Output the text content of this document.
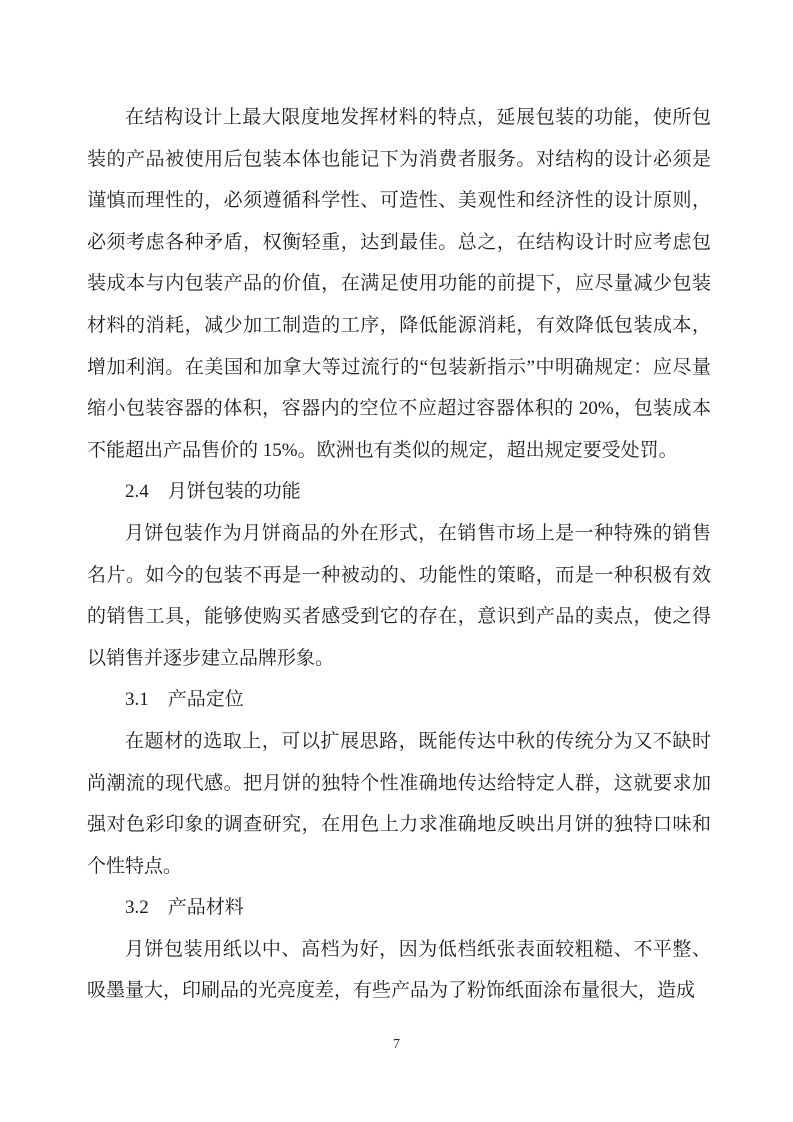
在结构设计上最大限度地发挥材料的特点，延展包装的功能，使所包装的产品被使用后包装本体也能记下为消费者服务。对结构的设计必须是谨慎而理性的，必须遵循科学性、可造性、美观性和经济性的设计原则，必须考虑各种矛盾，权衡轻重，达到最佳。总之，在结构设计时应考虑包装成本与内包装产品的价值，在满足使用功能的前提下，应尽量减少包装材料的消耗，减少加工制造的工序，降低能源消耗，有效降低包装成本，增加利润。在美国和加拿大等过流行的“包装新指示”中明确规定：应尽量缩小包装容器的体积，容器内的空位不应超过容器体积的 20%，包装成本不能超出产品售价的 15%。欧洲也有类似的规定，超出规定要受处罚。

2.4　月饼包装的功能

月饼包装作为月饼商品的外在形式，在销售市场上是一种特殊的销售名片。如今的包装不再是一种被动的、功能性的策略，而是一种积极有效的销售工具，能够使购买者感受到它的存在，意识到产品的卖点，使之得以销售并逐步建立品牌形象。

3.1　产品定位

在题材的选取上，可以扩展思路，既能传达中秋的传统分为又不缺时尚潮流的现代感。把月饼的独特个性准确地传达给特定人群，这就要求加强对色彩印象的调查研究，在用色上力求准确地反映出月饼的独特口味和个性特点。

3.2　产品材料

月饼包装用纸以中、高档为好，因为低档纸张表面较粗糙、不平整、吸墨量大，印刷品的光亮度差，有些产品为了粉饰纸面涂布量很大，造成

7
